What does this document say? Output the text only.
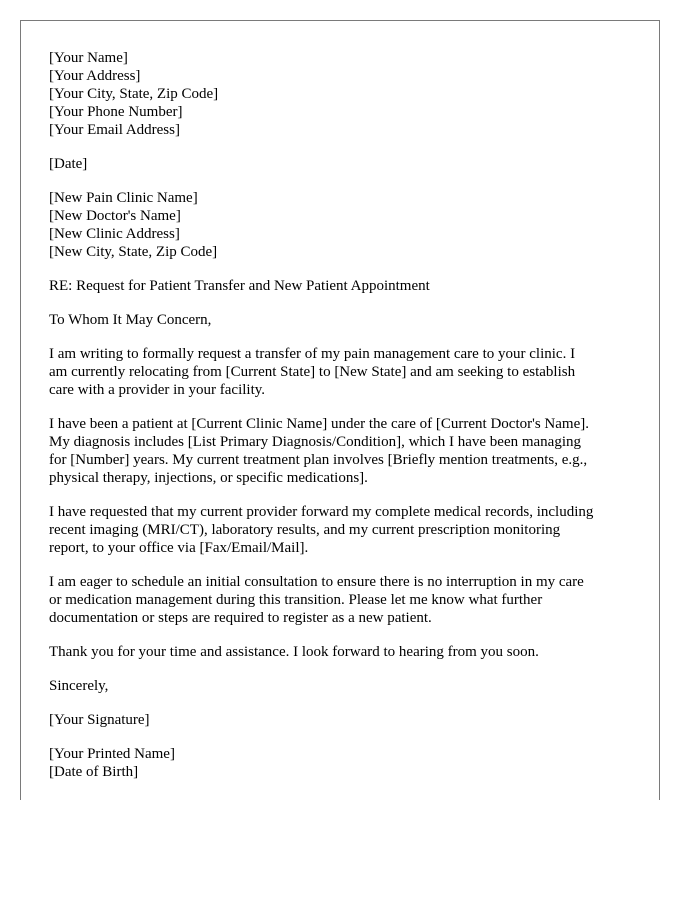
[Your Name]
[Your Address]
[Your City, State, Zip Code]
[Your Phone Number]
[Your Email Address]
[Date]
[New Pain Clinic Name]
[New Doctor's Name]
[New Clinic Address]
[New City, State, Zip Code]
RE: Request for Patient Transfer and New Patient Appointment
To Whom It May Concern,
I am writing to formally request a transfer of my pain management care to your clinic. I
am currently relocating from [Current State] to [New State] and am seeking to establish
care with a provider in your facility.
I have been a patient at [Current Clinic Name] under the care of [Current Doctor's Name].
My diagnosis includes [List Primary Diagnosis/Condition], which I have been managing
for [Number] years. My current treatment plan involves [Briefly mention treatments, e.g.,
physical therapy, injections, or specific medications].
I have requested that my current provider forward my complete medical records, including
recent imaging (MRI/CT), laboratory results, and my current prescription monitoring
report, to your office via [Fax/Email/Mail].
I am eager to schedule an initial consultation to ensure there is no interruption in my care
or medication management during this transition. Please let me know what further
documentation or steps are required to register as a new patient.
Thank you for your time and assistance. I look forward to hearing from you soon.
Sincerely,
[Your Signature]
[Your Printed Name]
[Date of Birth]
